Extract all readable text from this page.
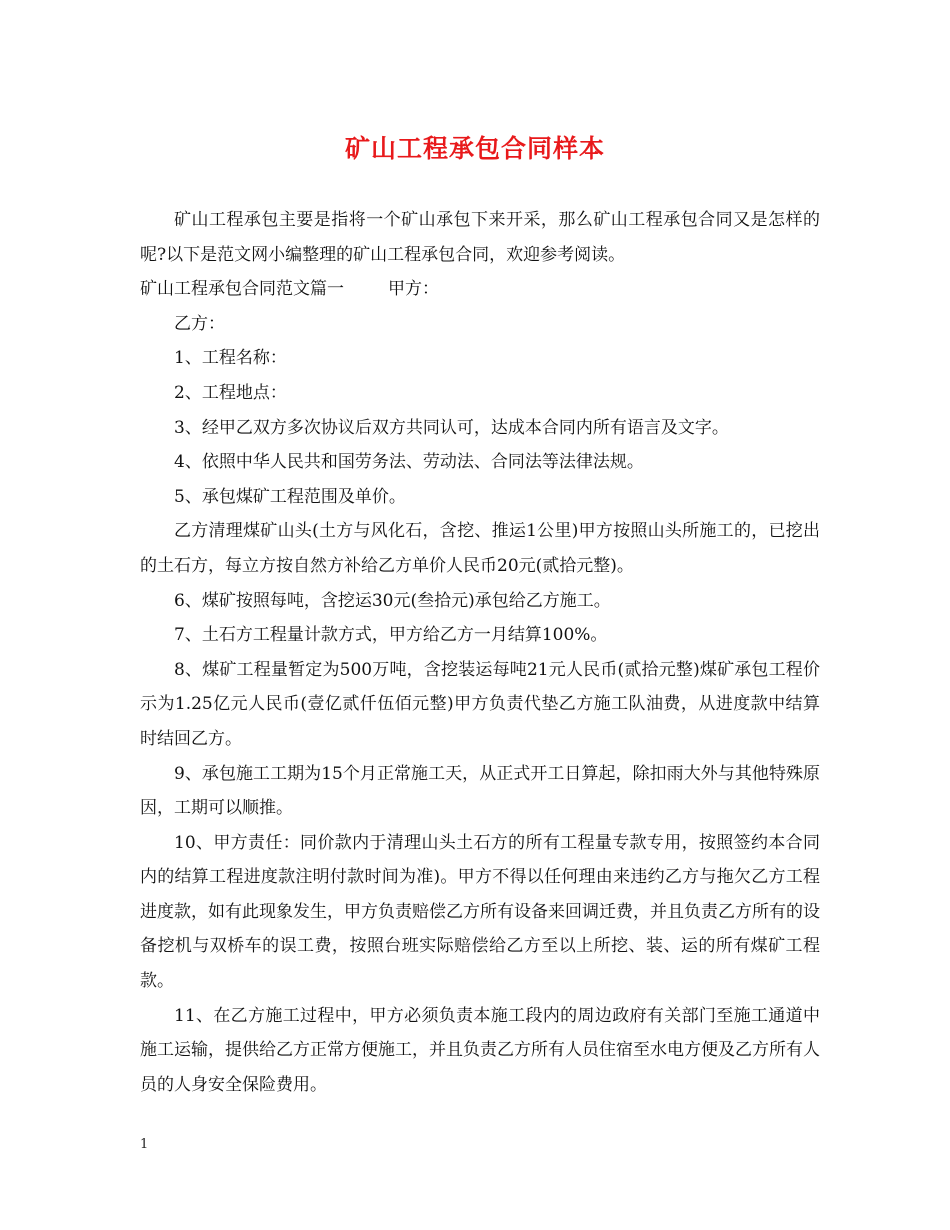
矿山工程承包合同样本

矿山工程承包主要是指将一个矿山承包下来开采，那么矿山工程承包合同又是怎样的呢?以下是范文网小编整理的矿山工程承包合同，欢迎参考阅读。

矿山工程承包合同范文篇一	甲方：

乙方：

1、工程名称：

2、工程地点：

3、经甲乙双方多次协议后双方共同认可，达成本合同内所有语言及文字。

4、依照中华人民共和国劳务法、劳动法、合同法等法律法规。

5、承包煤矿工程范围及单价。

乙方清理煤矿山头(土方与风化石，含挖、推运1公里)甲方按照山头所施工的，已挖出的土石方，每立方按自然方补给乙方单价人民币20元(贰拾元整)。

6、煤矿按照每吨，含挖运30元(叁拾元)承包给乙方施工。

7、土石方工程量计款方式，甲方给乙方一月结算100%。

8、煤矿工程量暂定为500万吨，含挖装运每吨21元人民币(贰拾元整)煤矿承包工程价示为1.25亿元人民币(壹亿贰仟伍佰元整)甲方负责代垫乙方施工队油费，从进度款中结算时结回乙方。

9、承包施工工期为15个月正常施工天，从正式开工日算起，除扣雨大外与其他特殊原因，工期可以顺推。

10、甲方责任：同价款内于清理山头土石方的所有工程量专款专用，按照签约本合同内的结算工程进度款注明付款时间为准)。甲方不得以任何理由来违约乙方与拖欠乙方工程进度款，如有此现象发生，甲方负责赔偿乙方所有设备来回调迁费，并且负责乙方所有的设备挖机与双桥车的误工费，按照台班实际赔偿给乙方至以上所挖、装、运的所有煤矿工程款。

11、在乙方施工过程中，甲方必须负责本施工段内的周边政府有关部门至施工通道中施工运输，提供给乙方正常方便施工，并且负责乙方所有人员住宿至水电方便及乙方所有人员的人身安全保险费用。

1
